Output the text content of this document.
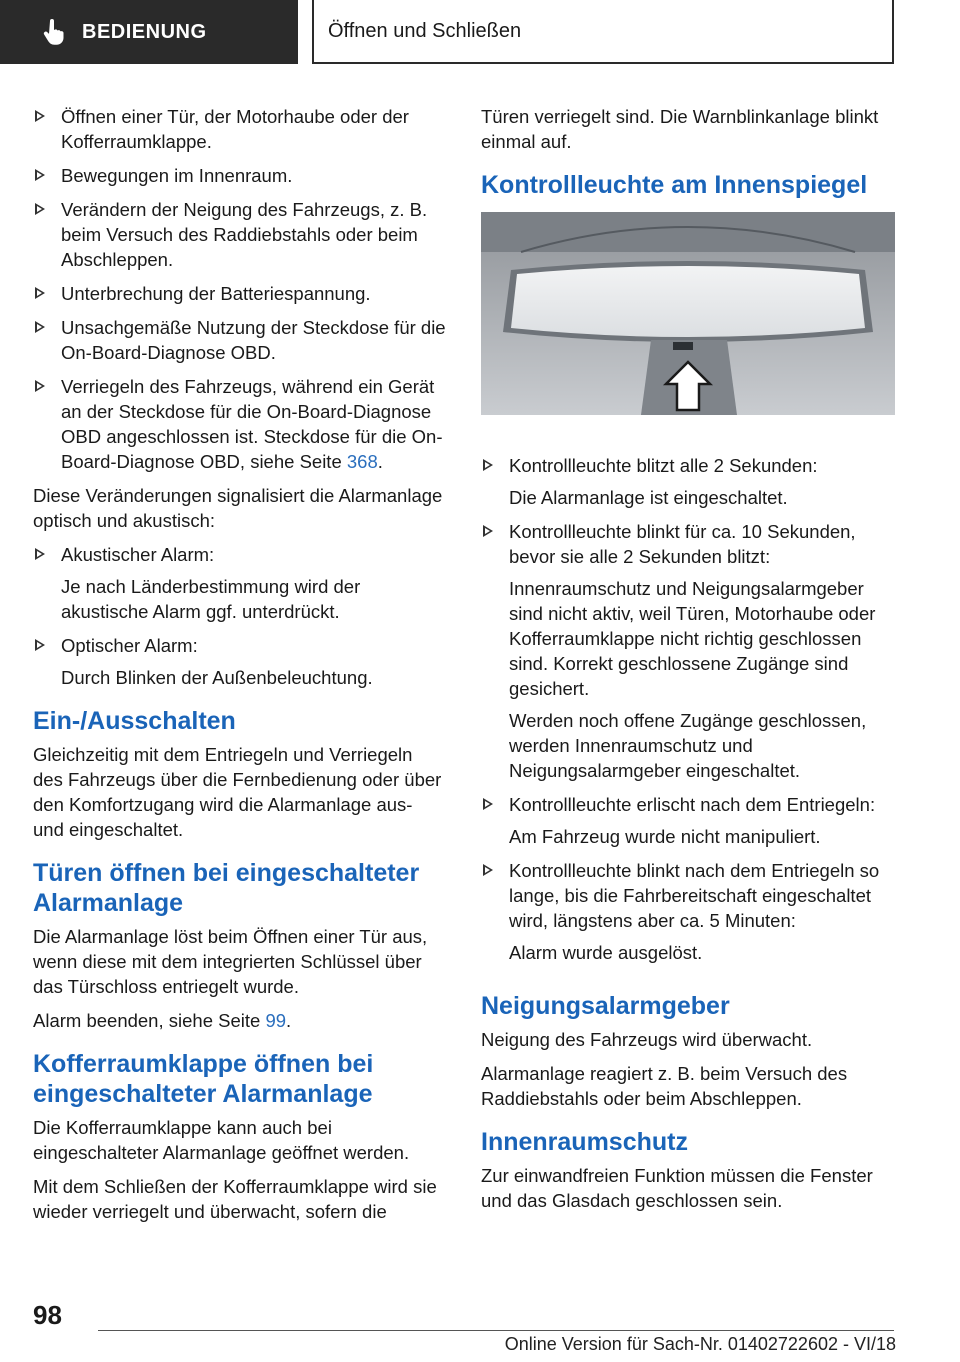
BEDIENUNG	Öffnen und Schließen
Öffnen einer Tür, der Motorhaube oder der Kofferraumklappe.
Bewegungen im Innenraum.
Verändern der Neigung des Fahrzeugs, z. B. beim Versuch des Raddiebstahls oder beim Abschleppen.
Unterbrechung der Batteriespannung.
Unsachgemäße Nutzung der Steckdose für die On-Board-Diagnose OBD.
Verriegeln des Fahrzeugs, während ein Gerät an der Steckdose für die On-Board-Diagnose OBD angeschlossen ist. Steckdose für die On-Board-Diagnose OBD, siehe Seite 368.

Diese Veränderungen signalisiert die Alarmanlage optisch und akustisch:

Akustischer Alarm:
Je nach Länderbestimmung wird der akustische Alarm ggf. unterdrückt.
Optischer Alarm:
Durch Blinken der Außenbeleuchtung.
Ein-/Ausschalten

Gleichzeitig mit dem Entriegeln und Verriegeln des Fahrzeugs über die Fernbedienung oder über den Komfortzugang wird die Alarmanlage aus- und eingeschaltet.

Türen öffnen bei eingeschalteter Alarmanlage

Die Alarmanlage löst beim Öffnen einer Tür aus, wenn diese mit dem integrierten Schlüssel über das Türschloss entriegelt wurde.

Alarm beenden, siehe Seite 99.

Kofferraumklappe öffnen bei eingeschalteter Alarmanlage

Die Kofferraumklappe kann auch bei eingeschalteter Alarmanlage geöffnet werden.

Mit dem Schließen der Kofferraumklappe wird sie wieder verriegelt und überwacht, sofern die

Türen verriegelt sind. Die Warnblinkanlage blinkt einmal auf.

Kontrollleuchte am Innenspiegel
Kontrollleuchte blitzt alle 2 Sekunden:
Die Alarmanlage ist eingeschaltet.
Kontrollleuchte blinkt für ca. 10 Sekunden, bevor sie alle 2 Sekunden blitzt:
Innenraumschutz und Neigungsalarmgeber sind nicht aktiv, weil Türen, Motorhaube oder Kofferraumklappe nicht richtig geschlossen sind. Korrekt geschlossene Zugänge sind gesichert.
Werden noch offene Zugänge geschlossen, werden Innenraumschutz und Neigungsalarmgeber eingeschaltet.
Kontrollleuchte erlischt nach dem Entriegeln:
Am Fahrzeug wurde nicht manipuliert.
Kontrollleuchte blinkt nach dem Entriegeln so lange, bis die Fahrbereitschaft eingeschaltet wird, längstens aber ca. 5 Minuten:
Alarm wurde ausgelöst.
Neigungsalarmgeber

Neigung des Fahrzeugs wird überwacht.

Alarmanlage reagiert z. B. beim Versuch des Raddiebstahls oder beim Abschleppen.

Innenraumschutz

Zur einwandfreien Funktion müssen die Fenster und das Glasdach geschlossen sein.

98
Online Version für Sach-Nr. 01402722602 - VI/18
